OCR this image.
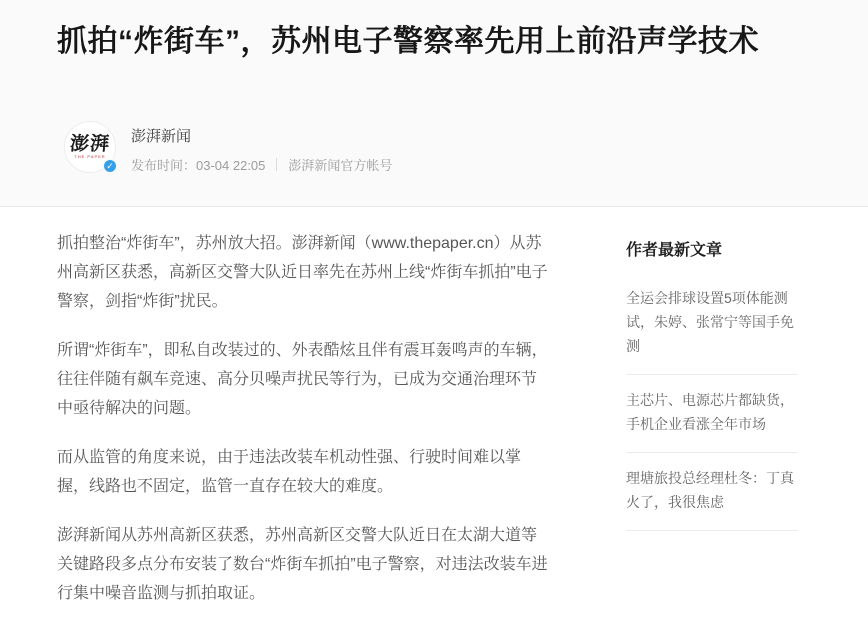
抓拍“炸街车”，苏州电子警察率先用上前沿声学技术
澎湃
THE PAPER
✓
澎湃新闻
发布时间：03-04 22:05 澎湃新闻官方帐号

抓拍整治“炸街车”，苏州放大招。澎湃新闻（www.thepaper.cn）从苏州高新区获悉，高新区交警大队近日率先在苏州上线“炸街车抓拍”电子警察，剑指“炸街”扰民。

所谓“炸街车”，即私自改装过的、外表酷炫且伴有震耳轰鸣声的车辆，往往伴随有飙车竞速、高分贝噪声扰民等行为，已成为交通治理环节中亟待解决的问题。

而从监管的角度来说，由于违法改装车机动性强、行驶时间难以掌握，线路也不固定，监管一直存在较大的难度。

澎湃新闻从苏州高新区获悉，苏州高新区交警大队近日在太湖大道等关键路段多点分布安装了数台“炸街车抓拍”电子警察，对违法改装车进行集中噪音监测与抓拍取证。

作者最新文章
全运会排球设置5项体能测试，朱婷、张常宁等国手免测
主芯片、电源芯片都缺货，手机企业看涨全年市场
理塘旅投总经理杜冬：丁真火了，我很焦虑
